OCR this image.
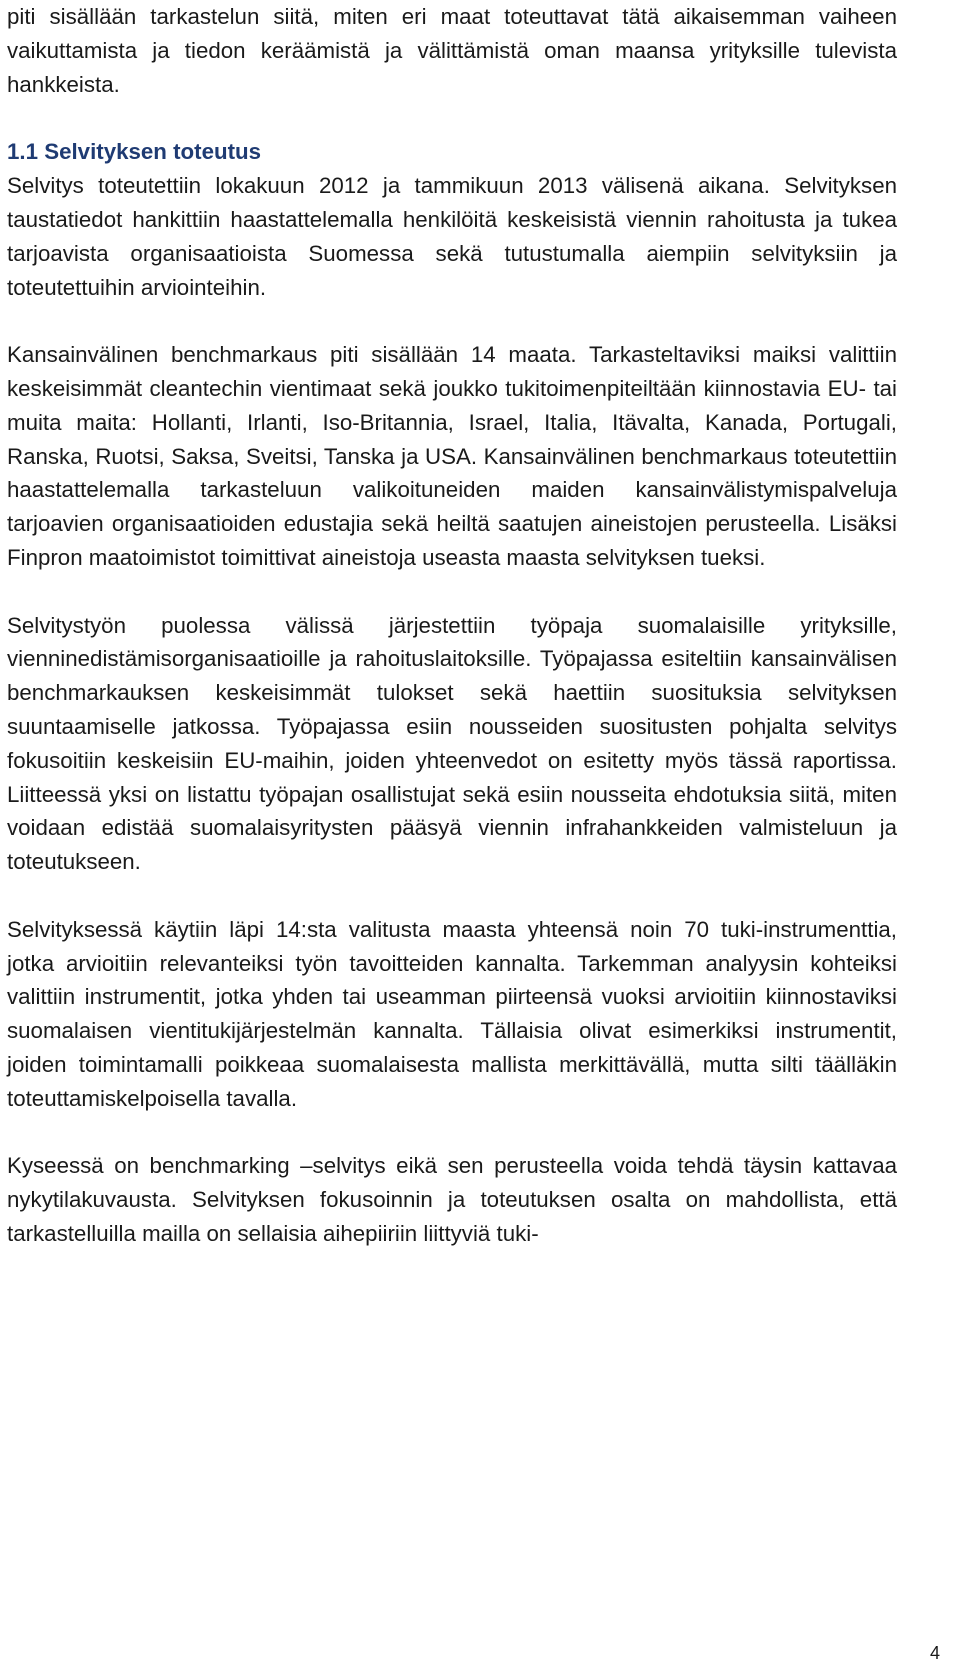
piti sisällään tarkastelun siitä, miten eri maat toteuttavat tätä aikaisemman vaiheen vaikuttamista ja tiedon keräämistä ja välittämistä oman maansa yrityksille tulevista hankkeista.

1.1 Selvityksen toteutus

Selvitys toteutettiin lokakuun 2012 ja tammikuun 2013 välisenä aikana. Selvityksen taustatiedot hankittiin haastattelemalla henkilöitä keskeisistä viennin rahoitusta ja tukea tarjoavista organisaatioista Suomessa sekä tutustumalla aiempiin selvityksiin ja toteutettuihin arviointeihin.

Kansainvälinen benchmarkaus piti sisällään 14 maata. Tarkasteltaviksi maiksi valittiin keskeisimmät cleantechin vientimaat sekä joukko tukitoimenpiteiltään kiinnostavia EU- tai muita maita: Hollanti, Irlanti, Iso-Britannia, Israel, Italia, Itävalta, Kanada, Portugali, Ranska, Ruotsi, Saksa, Sveitsi, Tanska ja USA. Kansainvälinen benchmarkaus toteutettiin haastattelemalla tarkasteluun valikoituneiden maiden kansainvälistymispalveluja tarjoavien organisaatioiden edustajia sekä heiltä saatujen aineistojen perusteella. Lisäksi Finpron maatoimistot toimittivat aineistoja useasta maasta selvityksen tueksi.

Selvitystyön puolessa välissä järjestettiin työpaja suomalaisille yrityksille, vienninedistämisorganisaatioille ja rahoituslaitoksille. Työpajassa esiteltiin kansainvälisen benchmarkauksen keskeisimmät tulokset sekä haettiin suosituksia selvityksen suuntaamiselle jatkossa. Työpajassa esiin nousseiden suositusten pohjalta selvitys fokusoitiin keskeisiin EU-maihin, joiden yhteenvedot on esitetty myös tässä raportissa. Liitteessä yksi on listattu työpajan osallistujat sekä esiin nousseita ehdotuksia siitä, miten voidaan edistää suomalaisyritysten pääsyä viennin infrahankkeiden valmisteluun ja toteutukseen.

Selvityksessä käytiin läpi 14:sta valitusta maasta yhteensä noin 70 tuki-instrumenttia, jotka arvioitiin relevanteiksi työn tavoitteiden kannalta. Tarkemman analyysin kohteiksi valittiin instrumentit, jotka yhden tai useamman piirteensä vuoksi arvioitiin kiinnostaviksi suomalaisen vientitukijärjestelmän kannalta. Tällaisia olivat esimerkiksi instrumentit, joiden toimintamalli poikkeaa suomalaisesta mallista merkittävällä, mutta silti täälläkin toteuttamiskelpoisella tavalla.

Kyseessä on benchmarking –selvitys eikä sen perusteella voida tehdä täysin kattavaa nykytilakuvausta. Selvityksen fokusoinnin ja toteutuksen osalta on mahdollista, että tarkastelluilla mailla on sellaisia aihepiiriin liittyviä tuki-

4
